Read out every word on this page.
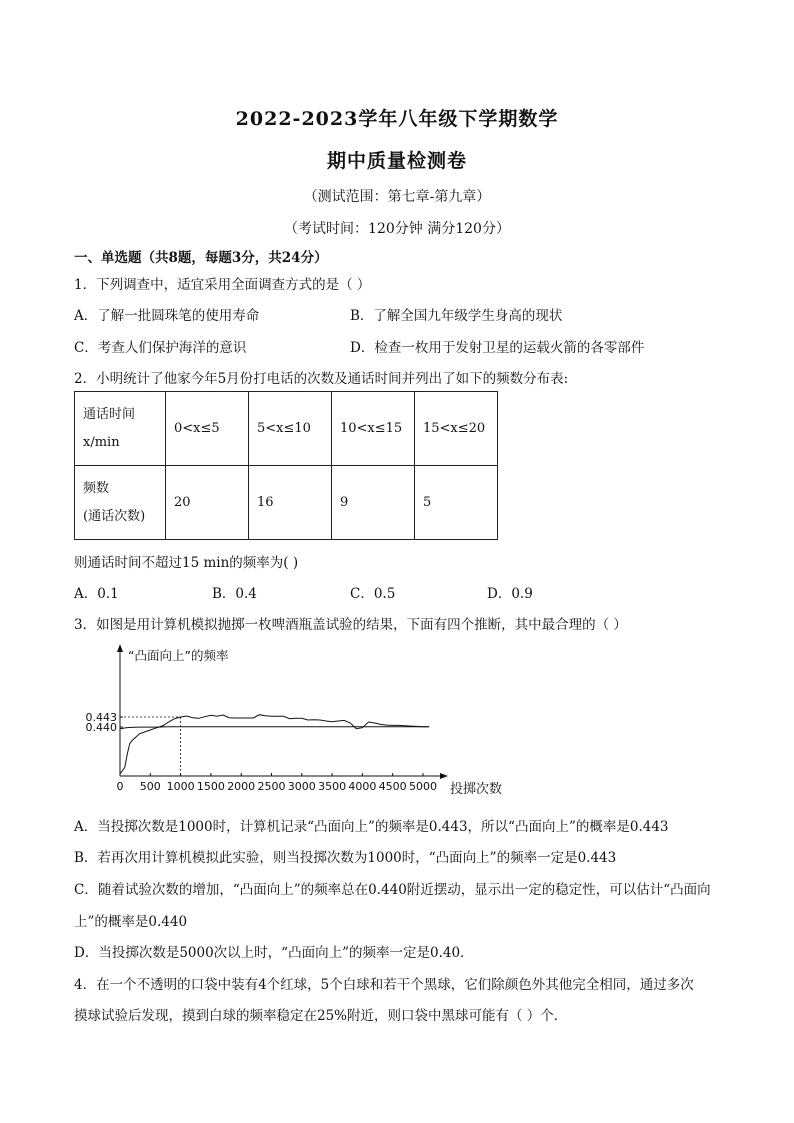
2022-2023学年八年级下学期数学
期中质量检测卷
（测试范围：第七章-第九章）
（考试时间：120分钟 满分120分）
一、单选题（共8题，每题3分，共24分）
1．下列调查中，适宜采用全面调查方式的是（ ）
A．了解一批圆珠笔的使用寿命	B．了解全国九年级学生身高的现状
C．考查人们保护海洋的意识	D．检查一枚用于发射卫星的运载火箭的各零部件
2．小明统计了他家今年5月份打电话的次数及通话时间并列出了如下的频数分布表:
通话时间
x/min	0<x≤5	5<x≤10	10<x≤15	15<x≤20

频数
(通话次数)	20	16	9	5
则通话时间不超过15 min的频率为( )
A．0.1	B．0.4	C．0.5	D．0.9
3．如图是用计算机模拟抛掷一枚啤酒瓶盖试验的结果，下面有四个推断，其中最合理的（ ）
“凸面向上”的频率
投掷次数
0 500 1000 1500 2000 2500 3000 3500 4000 4500 5000
0.440
0.443
A．当投掷次数是1000时，计算机记录“凸面向上”的频率是0.443，所以“凸面向上”的概率是0.443
B．若再次用计算机模拟此实验，则当投掷次数为1000时，“凸面向上”的频率一定是0.443
C．随着试验次数的增加，“凸面向上”的频率总在0.440附近摆动，显示出一定的稳定性，可以估计“凸面向
上”的概率是0.440
D．当投掷次数是5000次以上时，“凸面向上”的频率一定是0.40．
4．在一个不透明的口袋中装有4个红球，5个白球和若干个黑球，它们除颜色外其他完全相同，通过多次
摸球试验后发现，摸到白球的频率稳定在25%附近，则口袋中黑球可能有（ ）个．
